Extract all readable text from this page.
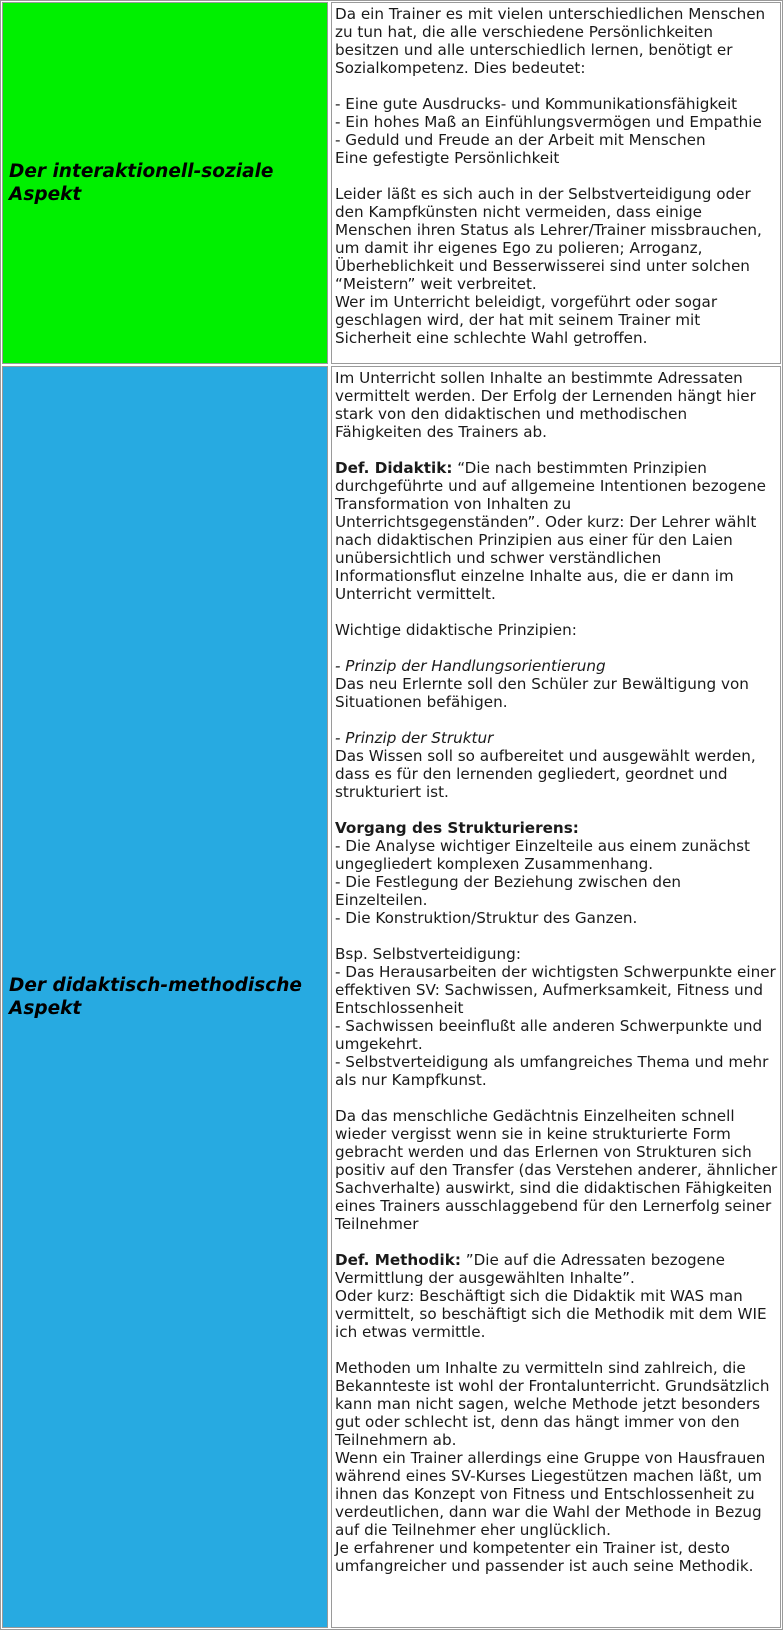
Der interaktionell-soziale Aspekt

Da ein Trainer es mit vielen unterschiedlichen Menschen zu tun hat, die alle verschiedene Persönlichkeiten besitzen und alle unterschiedlich lernen, benötigt er Sozialkompetenz. Dies bedeutet:

- Eine gute Ausdrucks- und Kommunikationsfähigkeit

- Ein hohes Maß an Einfühlungsvermögen und Empathie

- Geduld und Freude an der Arbeit mit Menschen

Eine gefestigte Persönlichkeit

Leider läßt es sich auch in der Selbstverteidigung oder den Kampfkünsten nicht vermeiden, dass einige Menschen ihren Status als Lehrer/Trainer missbrauchen, um damit ihr eigenes Ego zu polieren; Arroganz, Überheblichkeit und Besserwisserei sind unter solchen “Meistern” weit verbreitet.

Wer im Unterricht beleidigt, vorgeführt oder sogar geschlagen wird, der hat mit seinem Trainer mit Sicherheit eine schlechte Wahl getroffen.

Der didaktisch-methodische Aspekt

Im Unterricht sollen Inhalte an bestimmte Adressaten vermittelt werden. Der Erfolg der Lernenden hängt hier stark von den didaktischen und methodischen Fähigkeiten des Trainers ab.

Def. Didaktik: “Die nach bestimmten Prinzipien durchgeführte und auf allgemeine Intentionen bezogene Transformation von Inhalten zu Unterrichtsgegenständen”. Oder kurz: Der Lehrer wählt nach didaktischen Prinzipien aus einer für den Laien unübersichtlich und schwer verständlichen Informationsflut einzelne Inhalte aus, die er dann im Unterricht vermittelt.

Wichtige didaktische Prinzipien:

- Prinzip der Handlungsorientierung

Das neu Erlernte soll den Schüler zur Bewältigung von Situationen befähigen.

- Prinzip der Struktur

Das Wissen soll so aufbereitet und ausgewählt werden, dass es für den lernenden gegliedert, geordnet und strukturiert ist.

Vorgang des Strukturierens:

- Die Analyse wichtiger Einzelteile aus einem zunächst ungegliedert komplexen Zusammenhang.

- Die Festlegung der Beziehung zwischen den Einzelteilen.

- Die Konstruktion/Struktur des Ganzen.

Bsp. Selbstverteidigung:

- Das Herausarbeiten der wichtigsten Schwerpunkte einer effektiven SV: Sachwissen, Aufmerksamkeit, Fitness und Entschlossenheit

- Sachwissen beeinflußt alle anderen Schwerpunkte und umgekehrt.

- Selbstverteidigung als umfangreiches Thema und mehr als nur Kampfkunst.

Da das menschliche Gedächtnis Einzelheiten schnell wieder vergisst wenn sie in keine strukturierte Form gebracht werden und das Erlernen von Strukturen sich positiv auf den Transfer (das Verstehen anderer, ähnlicher Sachverhalte) auswirkt, sind die didaktischen Fähigkeiten eines Trainers ausschlaggebend für den Lernerfolg seiner Teilnehmer

Def. Methodik: ”Die auf die Adressaten bezogene Vermittlung der ausgewählten Inhalte”.

Oder kurz: Beschäftigt sich die Didaktik mit WAS man vermittelt, so beschäftigt sich die Methodik mit dem WIE ich etwas vermittle.

Methoden um Inhalte zu vermitteln sind zahlreich, die Bekannteste ist wohl der Frontalunterricht. Grundsätzlich kann man nicht sagen, welche Methode jetzt besonders gut oder schlecht ist, denn das hängt immer von den Teilnehmern ab.

Wenn ein Trainer allerdings eine Gruppe von Hausfrauen während eines SV-Kurses Liegestützen machen läßt, um ihnen das Konzept von Fitness und Entschlossenheit zu verdeutlichen, dann war die Wahl der Methode in Bezug auf die Teilnehmer eher unglücklich.

Je erfahrener und kompetenter ein Trainer ist, desto umfangreicher und passender ist auch seine Methodik.
